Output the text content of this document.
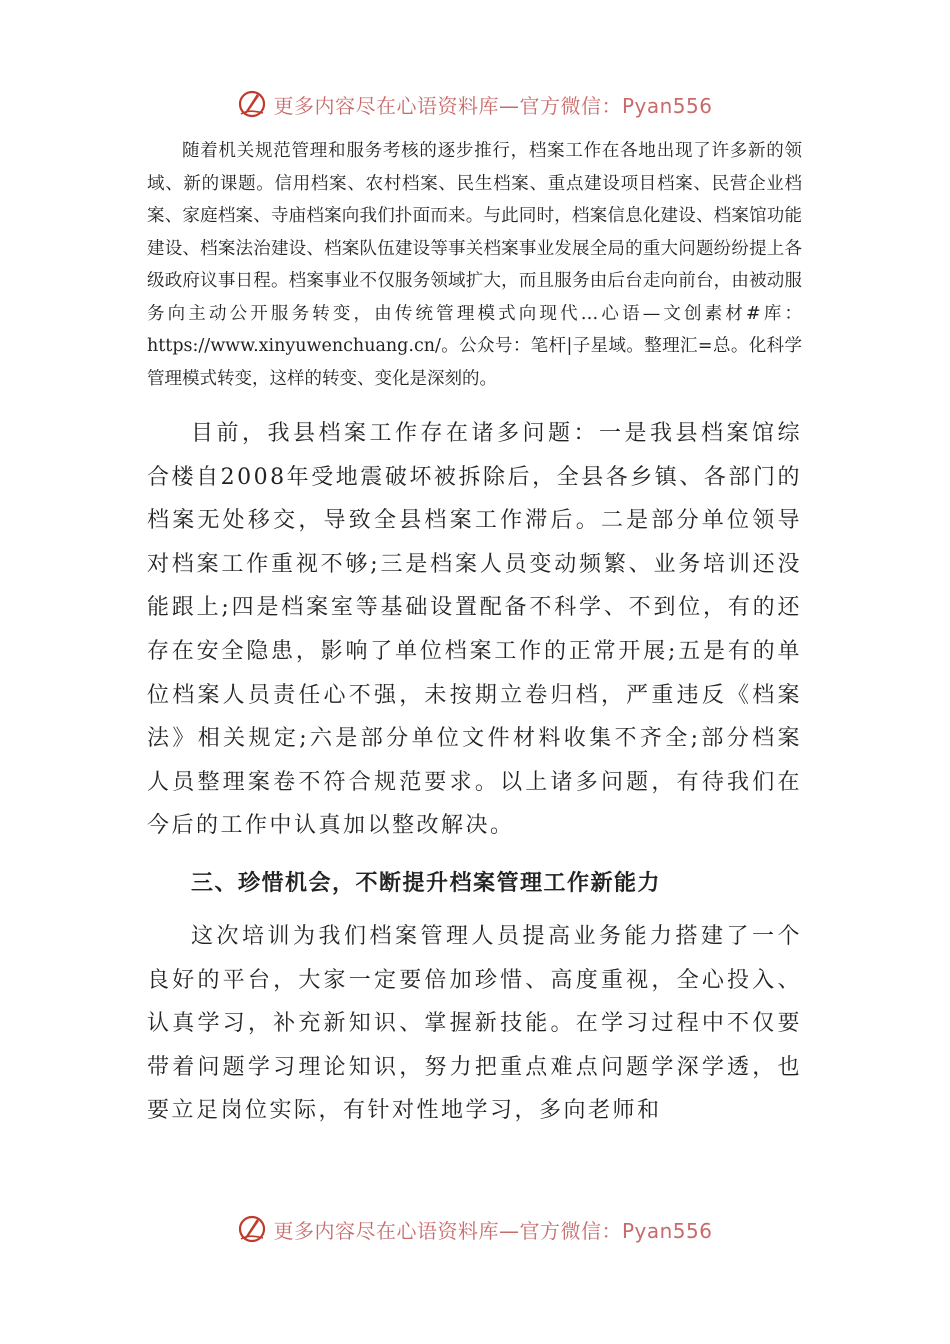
更多内容尽在心语资料库—官方微信：Pyan556

随着机关规范管理和服务考核的逐步推行，档案工作在各地出现了许多新的领域、新的课题。信用档案、农村档案、民生档案、重点建设项目档案、民营企业档案、家庭档案、寺庙档案向我们扑面而来。与此同时，档案信息化建设、档案馆功能建设、档案法治建设、档案队伍建设等事关档案事业发展全局的重大问题纷纷提上各级政府议事日程。档案事业不仅服务领域扩大，而且服务由后台走向前台，由被动服务向主动公开服务转变，由传统管理模式向现代…心语—文创素材#库：https://www.xinyuwenchuang.cn/。公众号：笔杆|子星域。整理汇=总。化科学管理模式转变，这样的转变、变化是深刻的。

目前，我县档案工作存在诸多问题：一是我县档案馆综合楼自2008年受地震破坏被拆除后，全县各乡镇、各部门的档案无处移交，导致全县档案工作滞后。二是部分单位领导对档案工作重视不够;三是档案人员变动频繁、业务培训还没能跟上;四是档案室等基础设置配备不科学、不到位，有的还存在安全隐患，影响了单位档案工作的正常开展;五是有的单位档案人员责任心不强，未按期立卷归档，严重违反《档案法》相关规定;六是部分单位文件材料收集不齐全;部分档案人员整理案卷不符合规范要求。以上诸多问题，有待我们在今后的工作中认真加以整改解决。

三、珍惜机会，不断提升档案管理工作新能力

这次培训为我们档案管理人员提高业务能力搭建了一个良好的平台，大家一定要倍加珍惜、高度重视，全心投入、认真学习，补充新知识、掌握新技能。在学习过程中不仅要带着问题学习理论知识，努力把重点难点问题学深学透，也要立足岗位实际，有针对性地学习，多向老师和

更多内容尽在心语资料库—官方微信：Pyan556
